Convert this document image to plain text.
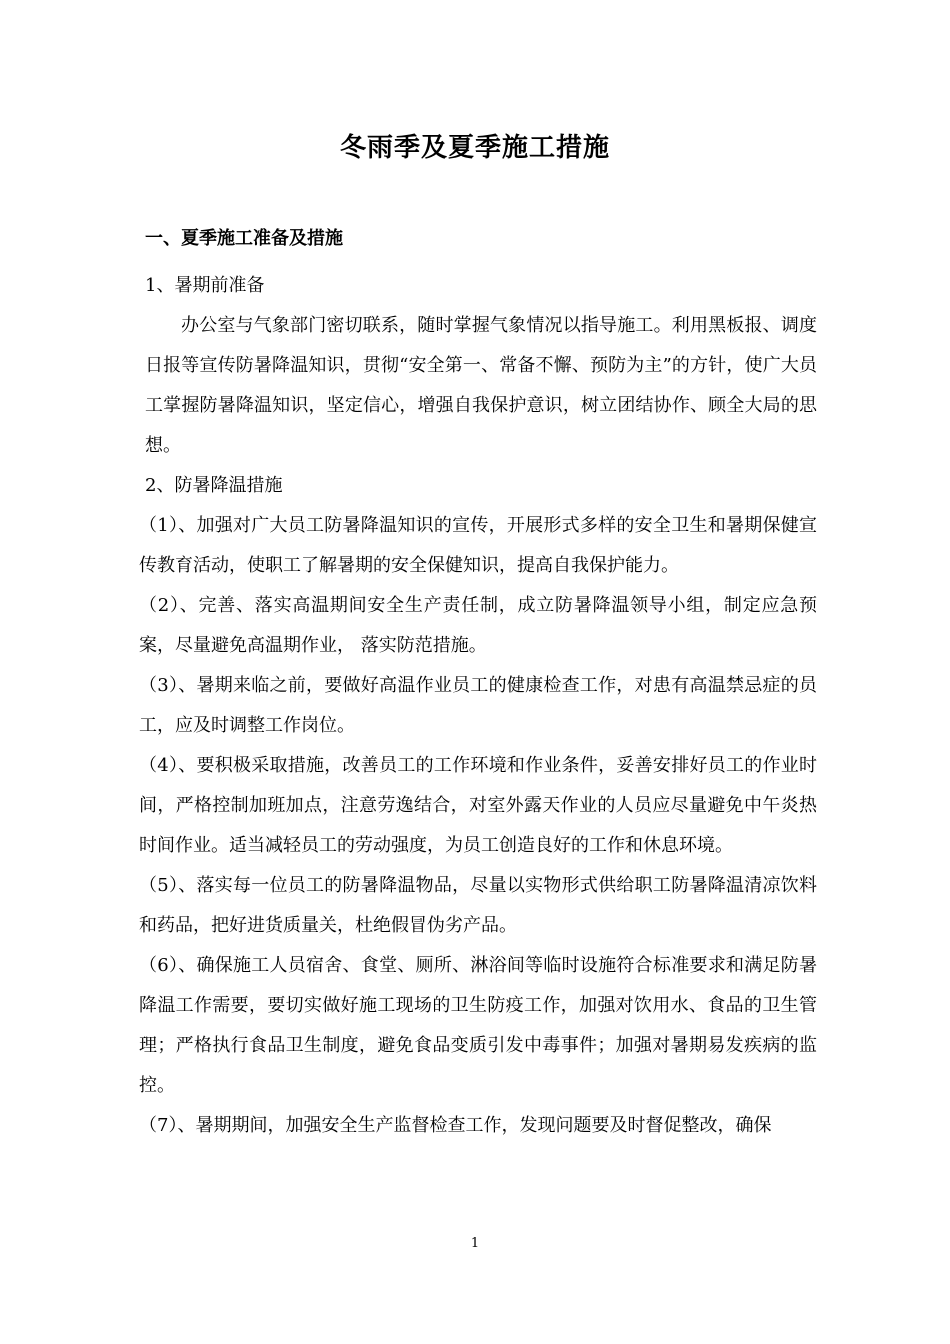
冬雨季及夏季施工措施
一、夏季施工准备及措施

1、暑期前准备

办公室与气象部门密切联系，随时掌握气象情况以指导施工。利用黑板报、调度日报等宣传防暑降温知识，贯彻“安全第一、常备不懈、预防为主”的方针，使广大员工掌握防暑降温知识，坚定信心，增强自我保护意识，树立团结协作、顾全大局的思想。

2、防暑降温措施

（1）、加强对广大员工防暑降温知识的宣传，开展形式多样的安全卫生和暑期保健宣传教育活动，使职工了解暑期的安全保健知识，提高自我保护能力。

（2）、完善、落实高温期间安全生产责任制，成立防暑降温领导小组，制定应急预案，尽量避免高温期作业， 落实防范措施。

（3）、暑期来临之前，要做好高温作业员工的健康检查工作，对患有高温禁忌症的员工，应及时调整工作岗位。

（4）、要积极采取措施，改善员工的工作环境和作业条件，妥善安排好员工的作业时间，严格控制加班加点，注意劳逸结合，对室外露天作业的人员应尽量避免中午炎热时间作业。适当减轻员工的劳动强度，为员工创造良好的工作和休息环境。

（5）、落实每一位员工的防暑降温物品，尽量以实物形式供给职工防暑降温清凉饮料和药品，把好进货质量关，杜绝假冒伪劣产品。

（6）、确保施工人员宿舍、食堂、厕所、淋浴间等临时设施符合标准要求和满足防暑降温工作需要，要切实做好施工现场的卫生防疫工作，加强对饮用水、食品的卫生管理；严格执行食品卫生制度，避免食品变质引发中毒事件；加强对暑期易发疾病的监控。

（7）、暑期期间，加强安全生产监督检查工作，发现问题要及时督促整改，确保

1
